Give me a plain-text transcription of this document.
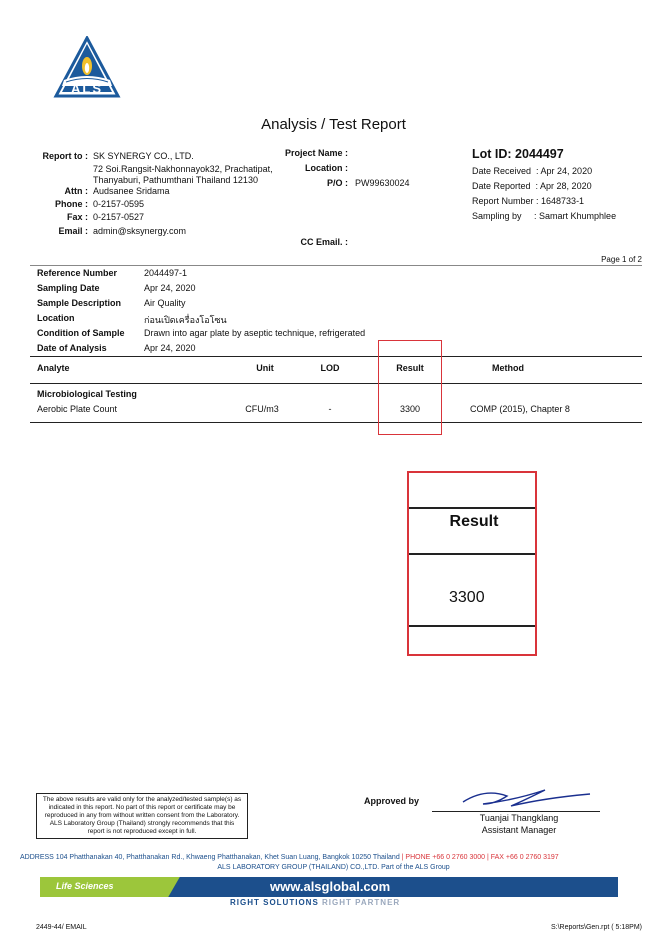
ALS
Analysis / Test Report
Report to : SK SYNERGY CO., LTD.
72 Soi.Rangsit-Nakhonnayok32, Prachatipat,
Thanyaburi, Pathumthani Thailand 12130
Attn : Audsanee Sridama
Phone : 0-2157-0595
Fax : 0-2157-0527
Email : admin@sksynergy.com
Project Name :
Location :
P/O : PW99630024
CC Email. :
Lot ID: 2044497
Date Received  : Apr 24, 2020
Date Reported  : Apr 28, 2020
Report Number : 1648733-1
Sampling by     : Samart Khumphlee
Page 1 of 2
Reference Number	2044497-1
Sampling Date	Apr 24, 2020
Sample Description	Air Quality
Location	ก่อนเปิดเครื่องโอโซน
Condition of Sample Drawn into agar plate by aseptic technique, refrigerated
Date of Analysis	Apr 24, 2020
Analyte	Unit	LOD	Result	Method
Microbiological Testing
Aerobic Plate Count	CFU/m3	-	3300	COMP (2015), Chapter 8
Result
3300
The above results are valid only for the analyzed/tested sample(s) as
indicated in this report. No part of this report or certificate may be
reproduced in any from without written consent from the Laboratory.
ALS Laboratory Group (Thailand) strongly recommends that this
report is not reproduced except in full.
Approved by
Tuanjai Thangklang
Assistant Manager
ADDRESS 104 Phatthanakan 40, Phatthanakan Rd., Khwaeng Phatthanakan, Khet Suan Luang, Bangkok 10250 Thailand | PHONE +66 0 2760 3000 | FAX +66 0 2760 3197
ALS LABORATORY GROUP (THAILAND) CO.,LTD. Part of the ALS Group
Life Sciences	www.alsglobal.com
RIGHT SOLUTIONS RIGHT PARTNER
2449-44/ EMAIL	S:\Reports\Gen.rpt ( 5:18PM)
